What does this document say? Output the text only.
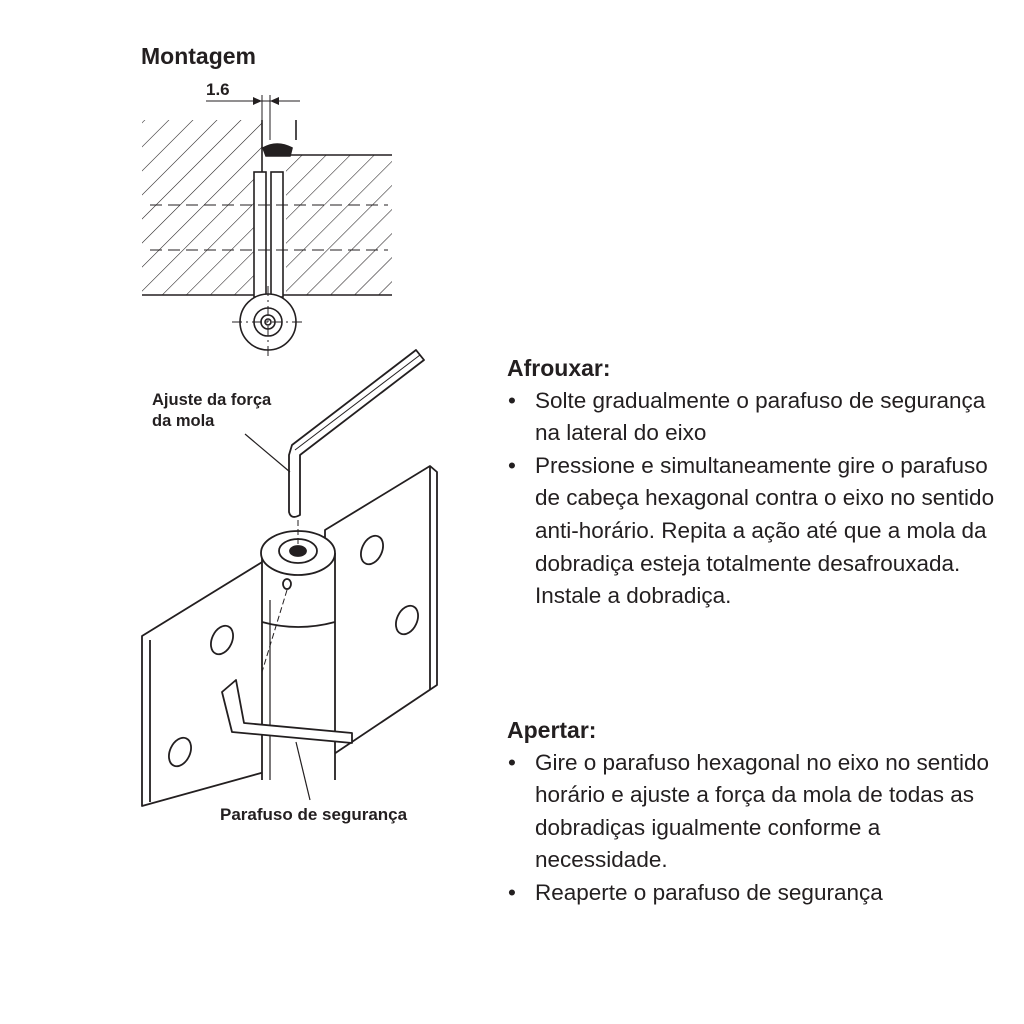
Montagem
1.6
Ajuste da força
da mola
Parafuso de segurança
Afrouxar:
• Solte gradualmente o parafuso de segurança na lateral do eixo
• Pressione e simultaneamente gire o parafuso de cabeça hexagonal contra o eixo no sentido anti-horário. Repita a ação até que a mola da dobradiça esteja totalmente desafrouxada. Instale a dobradiça.
Apertar:
• Gire o parafuso hexagonal no eixo no sentido horário e ajuste a força da mola de todas as dobradiças igualmente conforme a necessidade.
• Reaperte o parafuso de segurança
